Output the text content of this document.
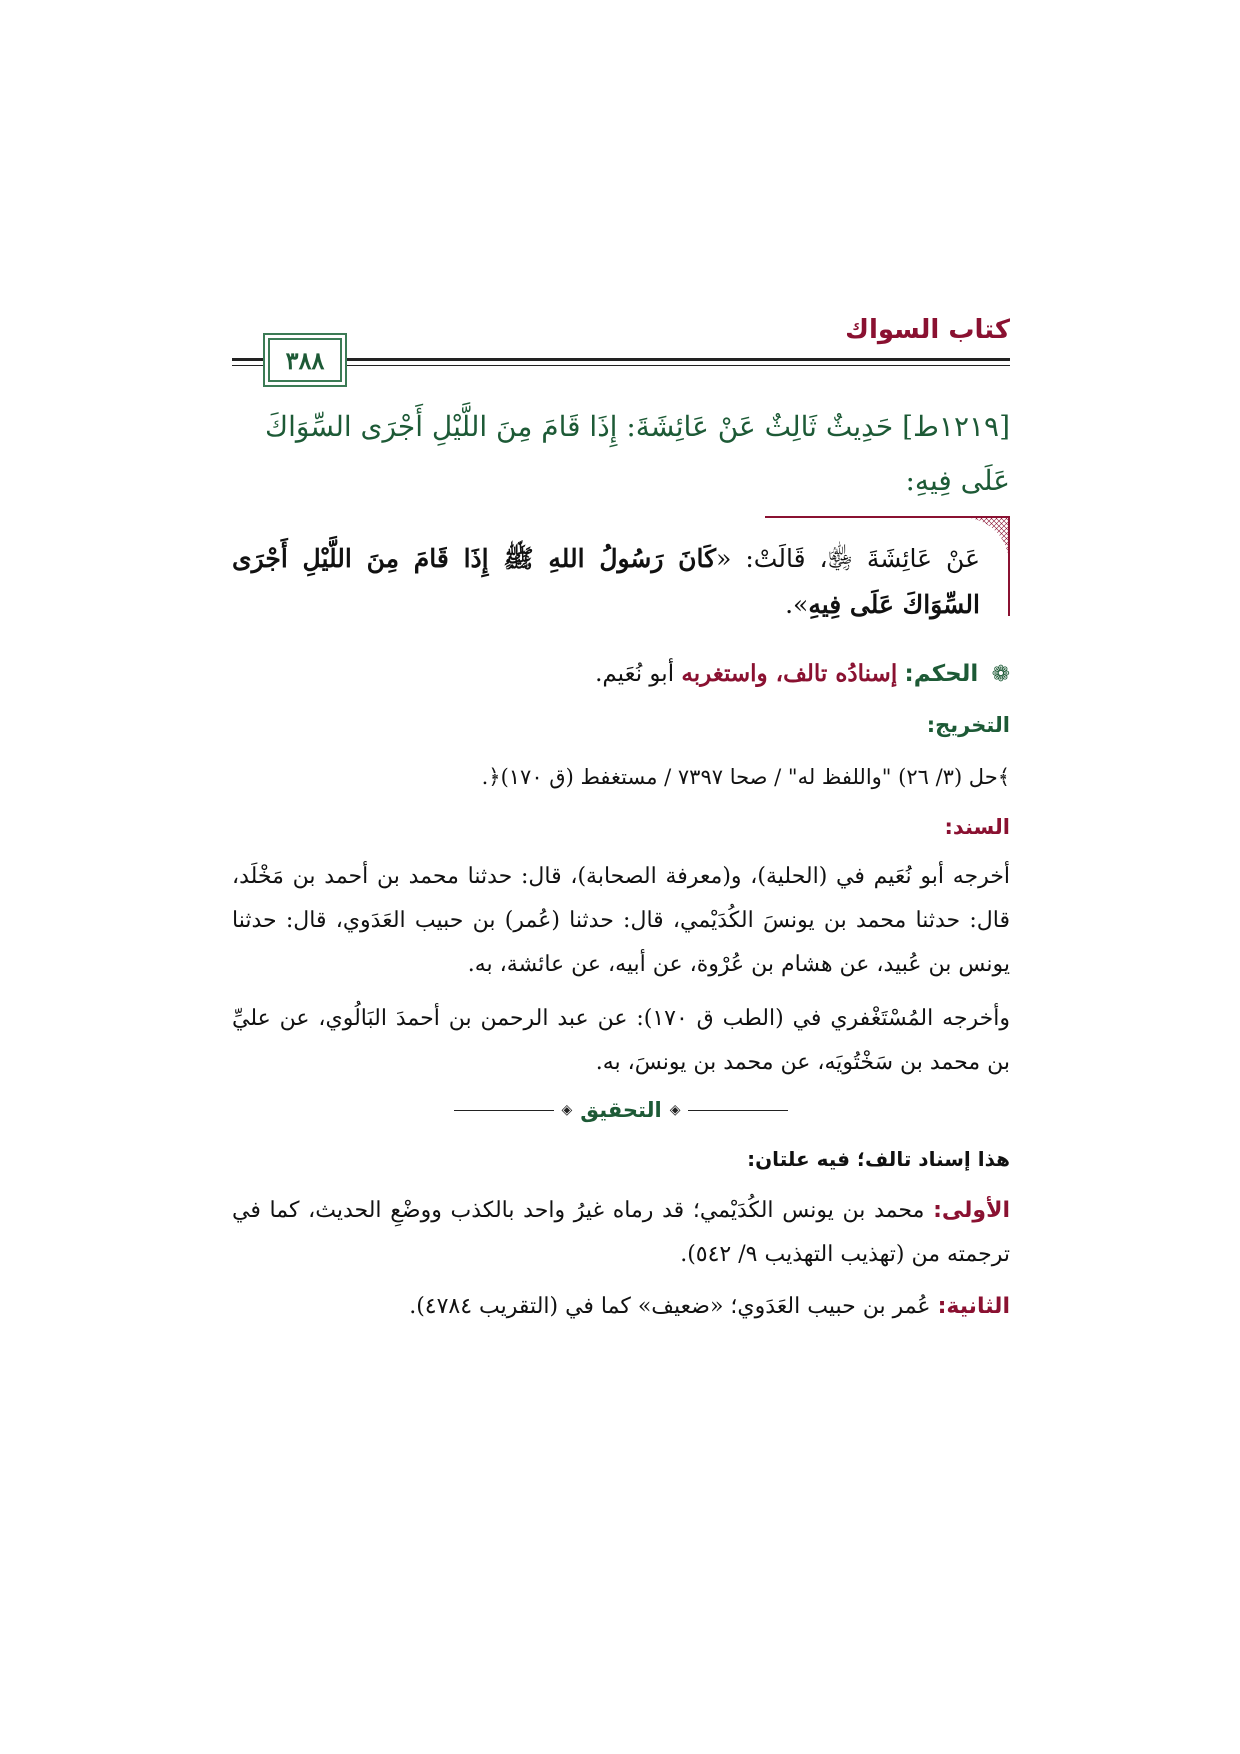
كتاب السواك
٣٨٨
[١٢١٩ط] حَدِيثٌ ثَالِثٌ عَنْ عَائِشَةَ: إِذَا قَامَ مِنَ اللَّيْلِ أَجْرَى السِّوَاكَ عَلَى فِيهِ:
عَنْ عَائِشَةَ ﵂، قَالَتْ: «كَانَ رَسُولُ اللهِ ﷺ إِذَا قَامَ مِنَ اللَّيْلِ أَجْرَى السِّوَاكَ عَلَى فِيهِ».
❁ الحكم: إسنادُه تالف، واستغربه أبو نُعَيم.
التخريج:
﴾حل (٣/ ٢٦) "واللفظ له" / صحا ٧٣٩٧ / مستغفط (ق ١٧٠)﴿.
السند:
أخرجه أبو نُعَيم في (الحلية)، و(معرفة الصحابة)، قال: حدثنا محمد بن أحمد بن مَخْلَد، قال: حدثنا محمد بن يونسَ الكُدَيْمي، قال: حدثنا (عُمر) بن حبيب العَدَوي، قال: حدثنا يونس بن عُبيد، عن هشام بن عُرْوة، عن أبيه، عن عائشة، به.
وأخرجه المُسْتَغْفري في (الطب ق ١٧٠): عن عبد الرحمن بن أحمدَ البَالُوي، عن عليِّ بن محمد بن سَخْتُويَه، عن محمد بن يونسَ، به.
◈
التحقيق
◈
هذا إسناد تالف؛ فيه علتان:
الأولى: محمد بن يونس الكُدَيْمي؛ قد رماه غيرُ واحد بالكذب ووضْعِ الحديث، كما في ترجمته من (تهذيب التهذيب ٩/ ٥٤٢).
الثانية: عُمر بن حبيب العَدَوي؛ «ضعيف» كما في (التقريب ٤٧٨٤).
